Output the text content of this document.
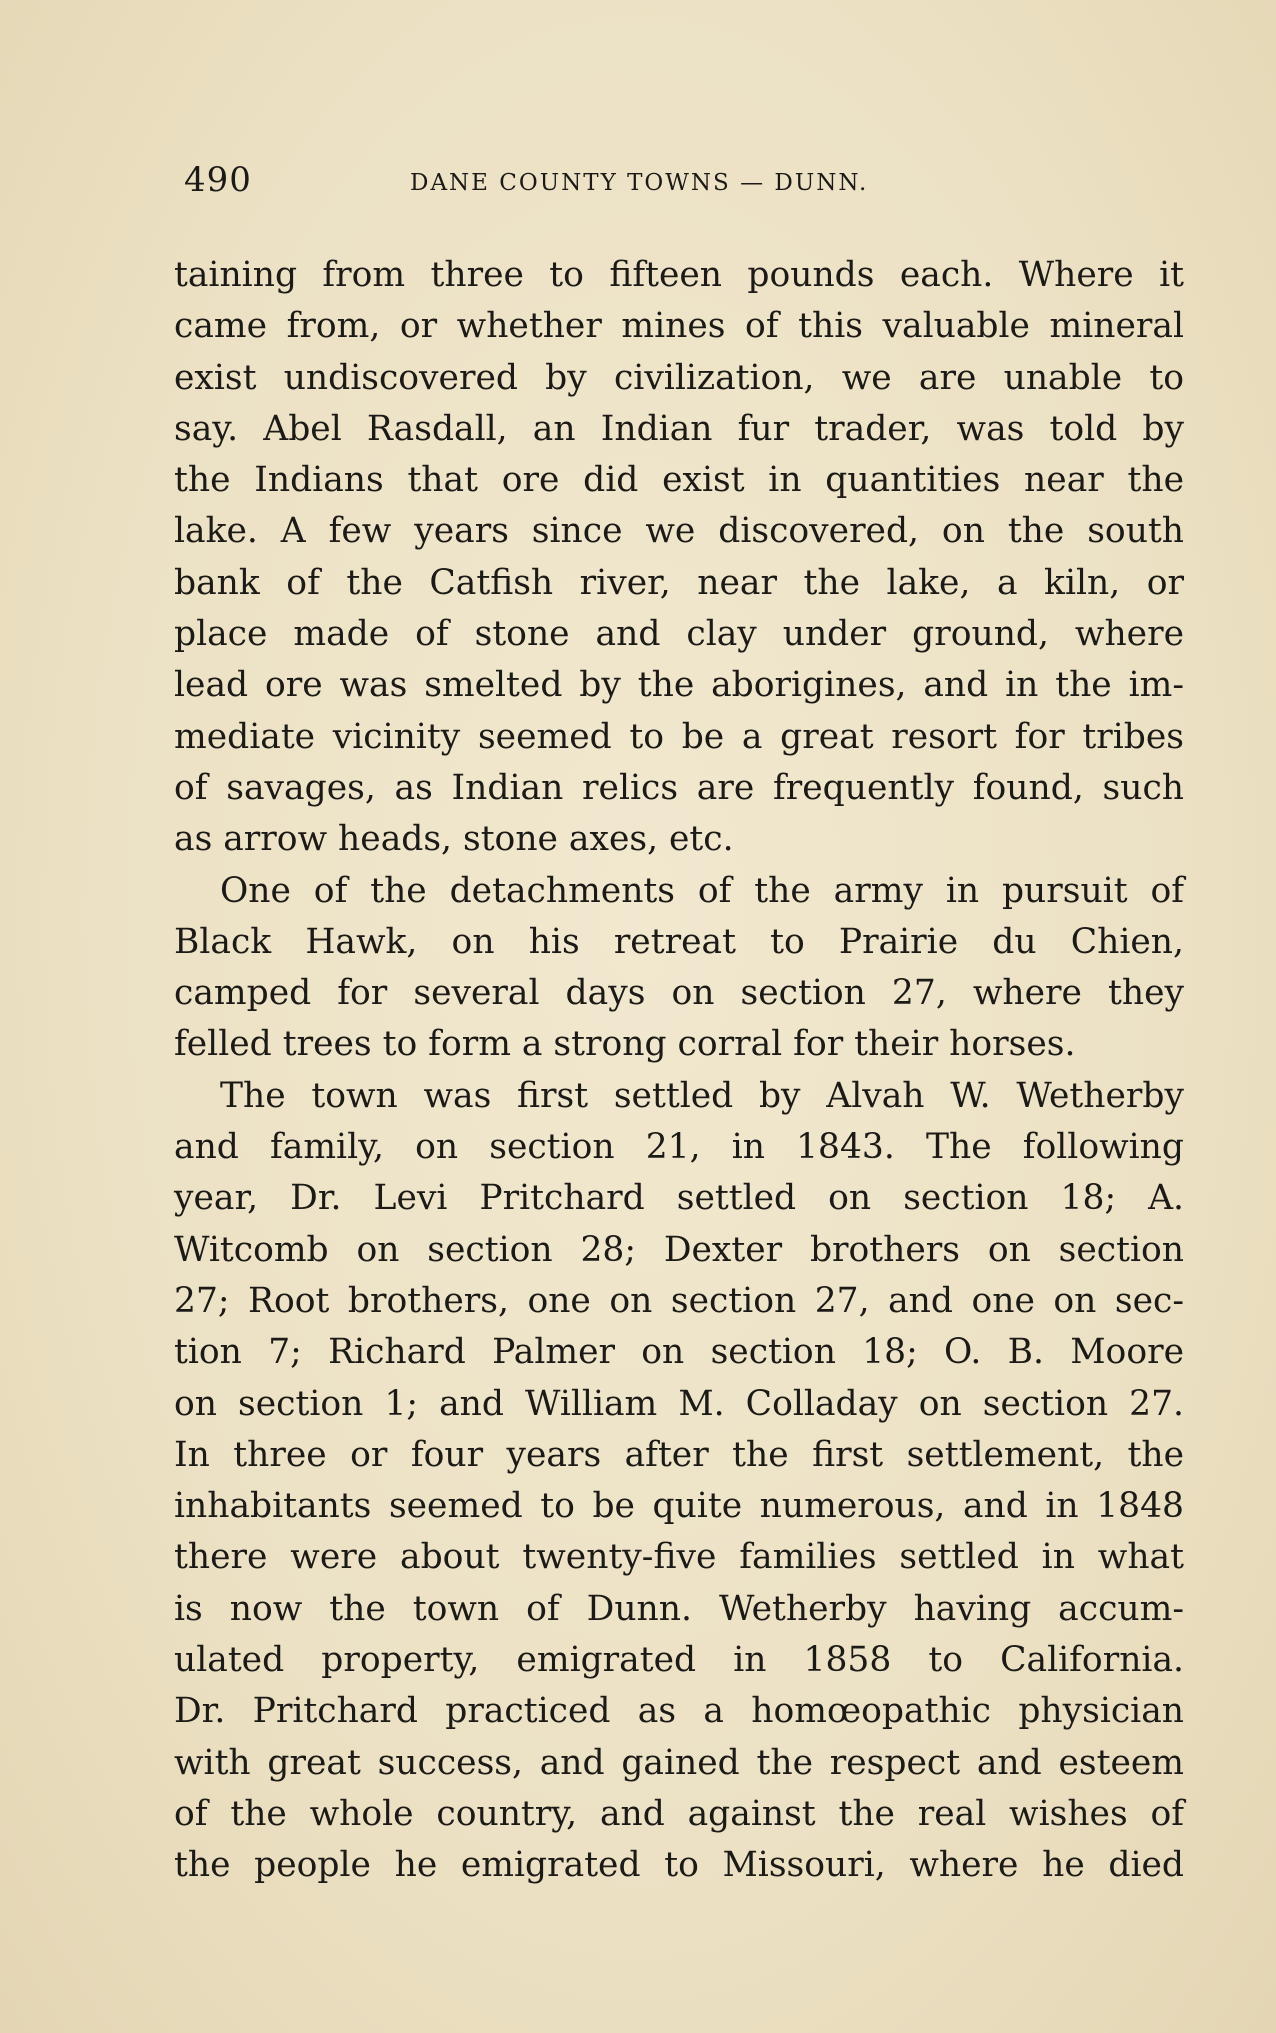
490	DANE COUNTY TOWNS — DUNN.
taining from three to fifteen pounds each. Where it
came from, or whether mines of this valuable mineral
exist undiscovered by civilization, we are unable to
say. Abel Rasdall, an Indian fur trader, was told by
the Indians that ore did exist in quantities near the
lake. A few years since we discovered, on the south
bank of the Catfish river, near the lake, a kiln, or
place made of stone and clay under ground, where
lead ore was smelted by the aborigines, and in the im-
mediate vicinity seemed to be a great resort for tribes
of savages, as Indian relics are frequently found, such
as arrow heads, stone axes, etc.
One of the detachments of the army in pursuit of
Black Hawk, on his retreat to Prairie du Chien,
camped for several days on section 27, where they
felled trees to form a strong corral for their horses.
The town was first settled by Alvah W. Wetherby
and family, on section 21, in 1843. The following
year, Dr. Levi Pritchard settled on section 18; A.
Witcomb on section 28; Dexter brothers on section
27; Root brothers, one on section 27, and one on sec-
tion 7; Richard Palmer on section 18; O. B. Moore
on section 1; and William M. Colladay on section 27.
In three or four years after the first settlement, the
inhabitants seemed to be quite numerous, and in 1848
there were about twenty-five families settled in what
is now the town of Dunn. Wetherby having accum-
ulated property, emigrated in 1858 to California.
Dr. Pritchard practiced as a homœopathic physician
with great success, and gained the respect and esteem
of the whole country, and against the real wishes of
the people he emigrated to Missouri, where he died
